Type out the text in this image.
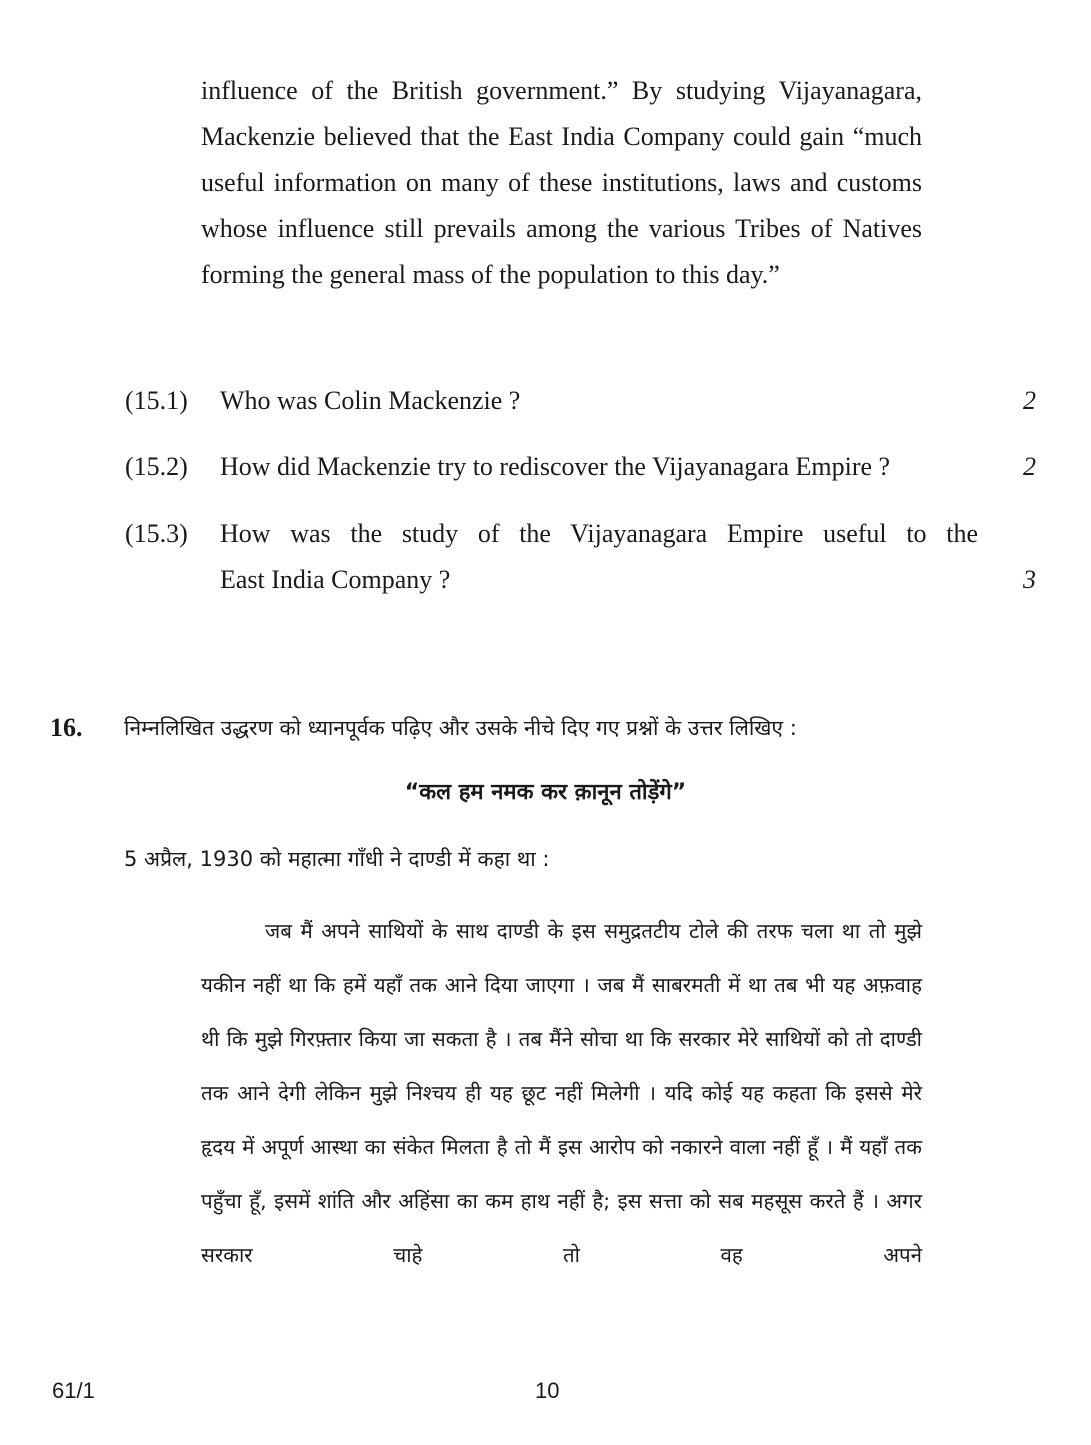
influence of the British government.” By studying Vijayanagara, Mackenzie believed that the East India Company could gain “much useful information on many of these institutions, laws and customs whose influence still prevails among the various Tribes of Natives forming the general mass of the population to this day.”
(15.1) Who was Colin Mackenzie ?	2
(15.2) How did Mackenzie try to rediscover the Vijayanagara Empire ?	2
(15.3) How was the study of the Vijayanagara Empire useful to the
East India Company ?	3
16. निम्नलिखित उद्धरण को ध्यानपूर्वक पढ़िए और उसके नीचे दिए गए प्रश्नों के उत्तर लिखिए :
“कल हम नमक कर क़ानून तोड़ेंगे”
5 अप्रैल, 1930 को महात्मा गाँधी ने दाण्डी में कहा था :
जब मैं अपने साथियों के साथ दाण्डी के इस समुद्रतटीय टोले की तरफ चला था तो मुझे यकीन नहीं था कि हमें यहाँ तक आने दिया जाएगा । जब मैं साबरमती में था तब भी यह अफ़वाह थी कि मुझे गिरफ़्तार किया जा सकता है । तब मैंने सोचा था कि सरकार मेरे साथियों को तो दाण्डी तक आने देगी लेकिन मुझे निश्चय ही यह छूट नहीं मिलेगी । यदि कोई यह कहता कि इससे मेरे हृदय में अपूर्ण आस्था का संकेत मिलता है तो मैं इस आरोप को नकारने वाला नहीं हूँ । मैं यहाँ तक पहुँचा हूँ, इसमें शांति और अहिंसा का कम हाथ नहीं है; इस सत्ता को सब महसूस करते हैं । अगर सरकार चाहे तो वह अपने
61/1	10
